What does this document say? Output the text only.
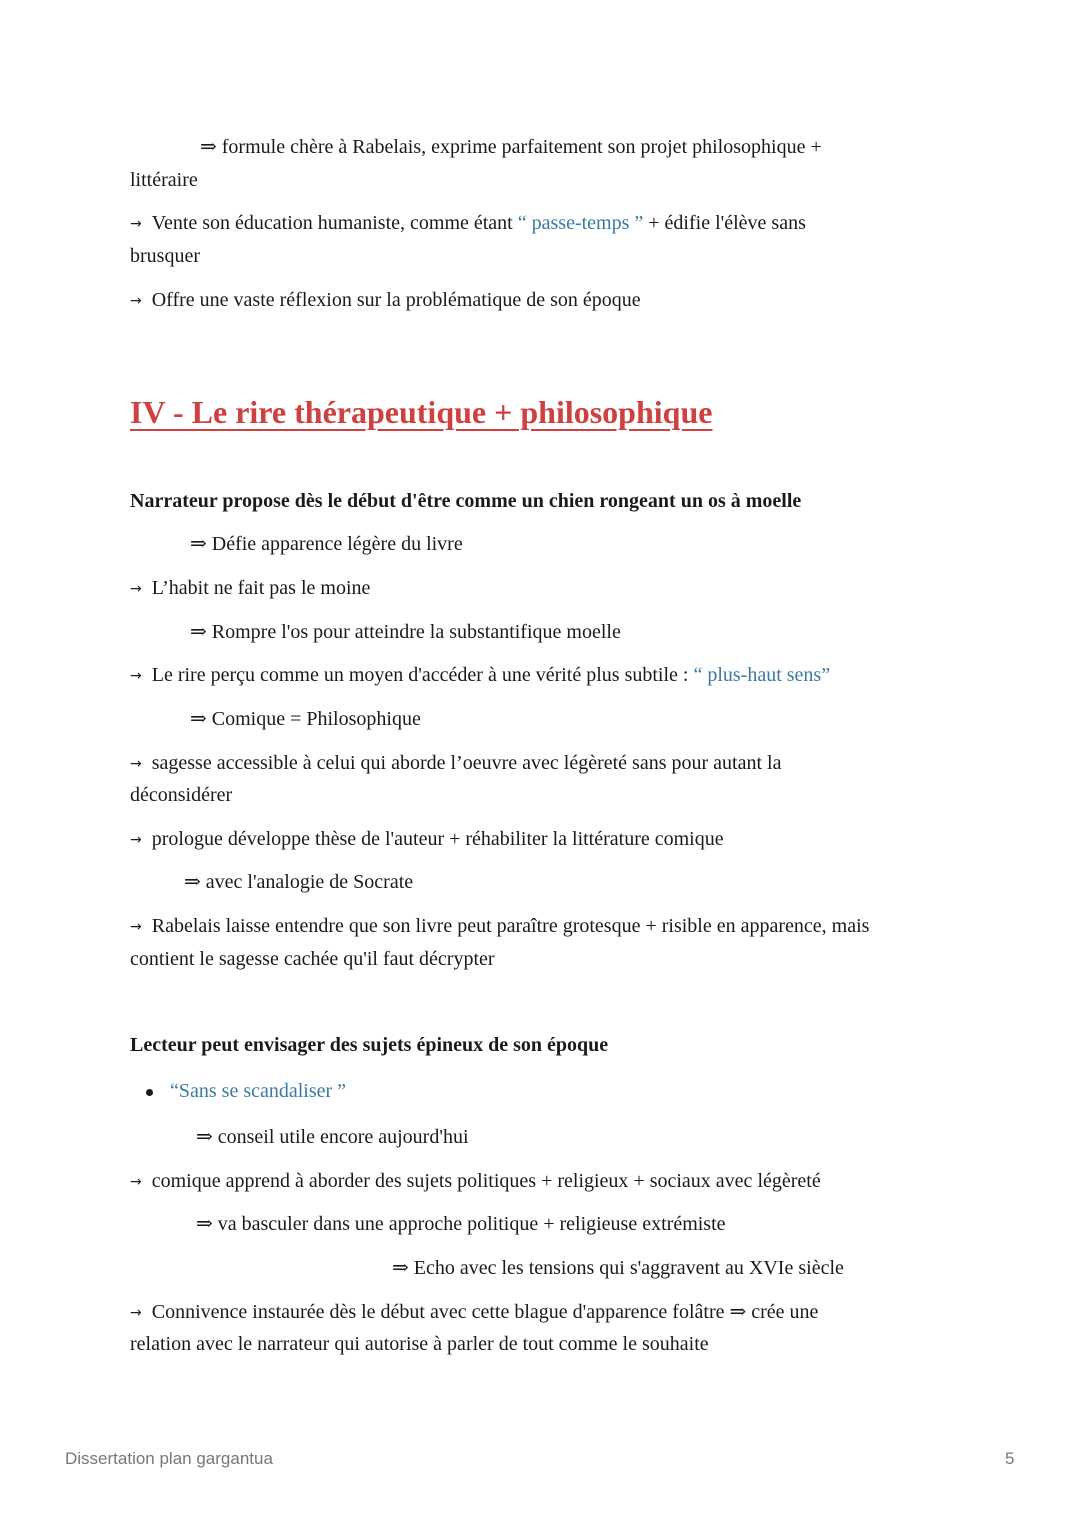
⇒ formule chère à Rabelais, exprime parfaitement son projet philosophique +
littéraire
→ Vente son éducation humaniste, comme étant “ passe-temps ” + édifie l'élève sans
brusquer
→ Offre une vaste réflexion sur la problématique de son époque
IV - Le rire thérapeutique + philosophique
Narrateur propose dès le début d'être comme un chien rongeant un os à moelle
⇒ Défie apparence légère du livre
→ L’habit ne fait pas le moine
⇒ Rompre l'os pour atteindre la substantifique moelle
→ Le rire perçu comme un moyen d'accéder à une vérité plus subtile : “ plus-haut sens”
⇒ Comique = Philosophique
→ sagesse accessible à celui qui aborde l’oeuvre avec légèreté sans pour autant la
déconsidérer
→ prologue développe thèse de l'auteur + réhabiliter la littérature comique
⇒ avec l'analogie de Socrate
→ Rabelais laisse entendre que son livre peut paraître grotesque + risible en apparence, mais
contient le sagesse cachée qu'il faut décrypter
Lecteur peut envisager des sujets épineux de son époque
“Sans se scandaliser ”
⇒ conseil utile encore aujourd'hui
→ comique apprend à aborder des sujets politiques + religieux + sociaux avec légèreté
⇒ va basculer dans une approche politique + religieuse extrémiste
⇒ Echo avec les tensions qui s'aggravent au XVIe siècle
→ Connivence instaurée dès le début avec cette blague d'apparence folâtre ⇒ crée une
relation avec le narrateur qui autorise à parler de tout comme le souhaite
Dissertation plan gargantua	5
